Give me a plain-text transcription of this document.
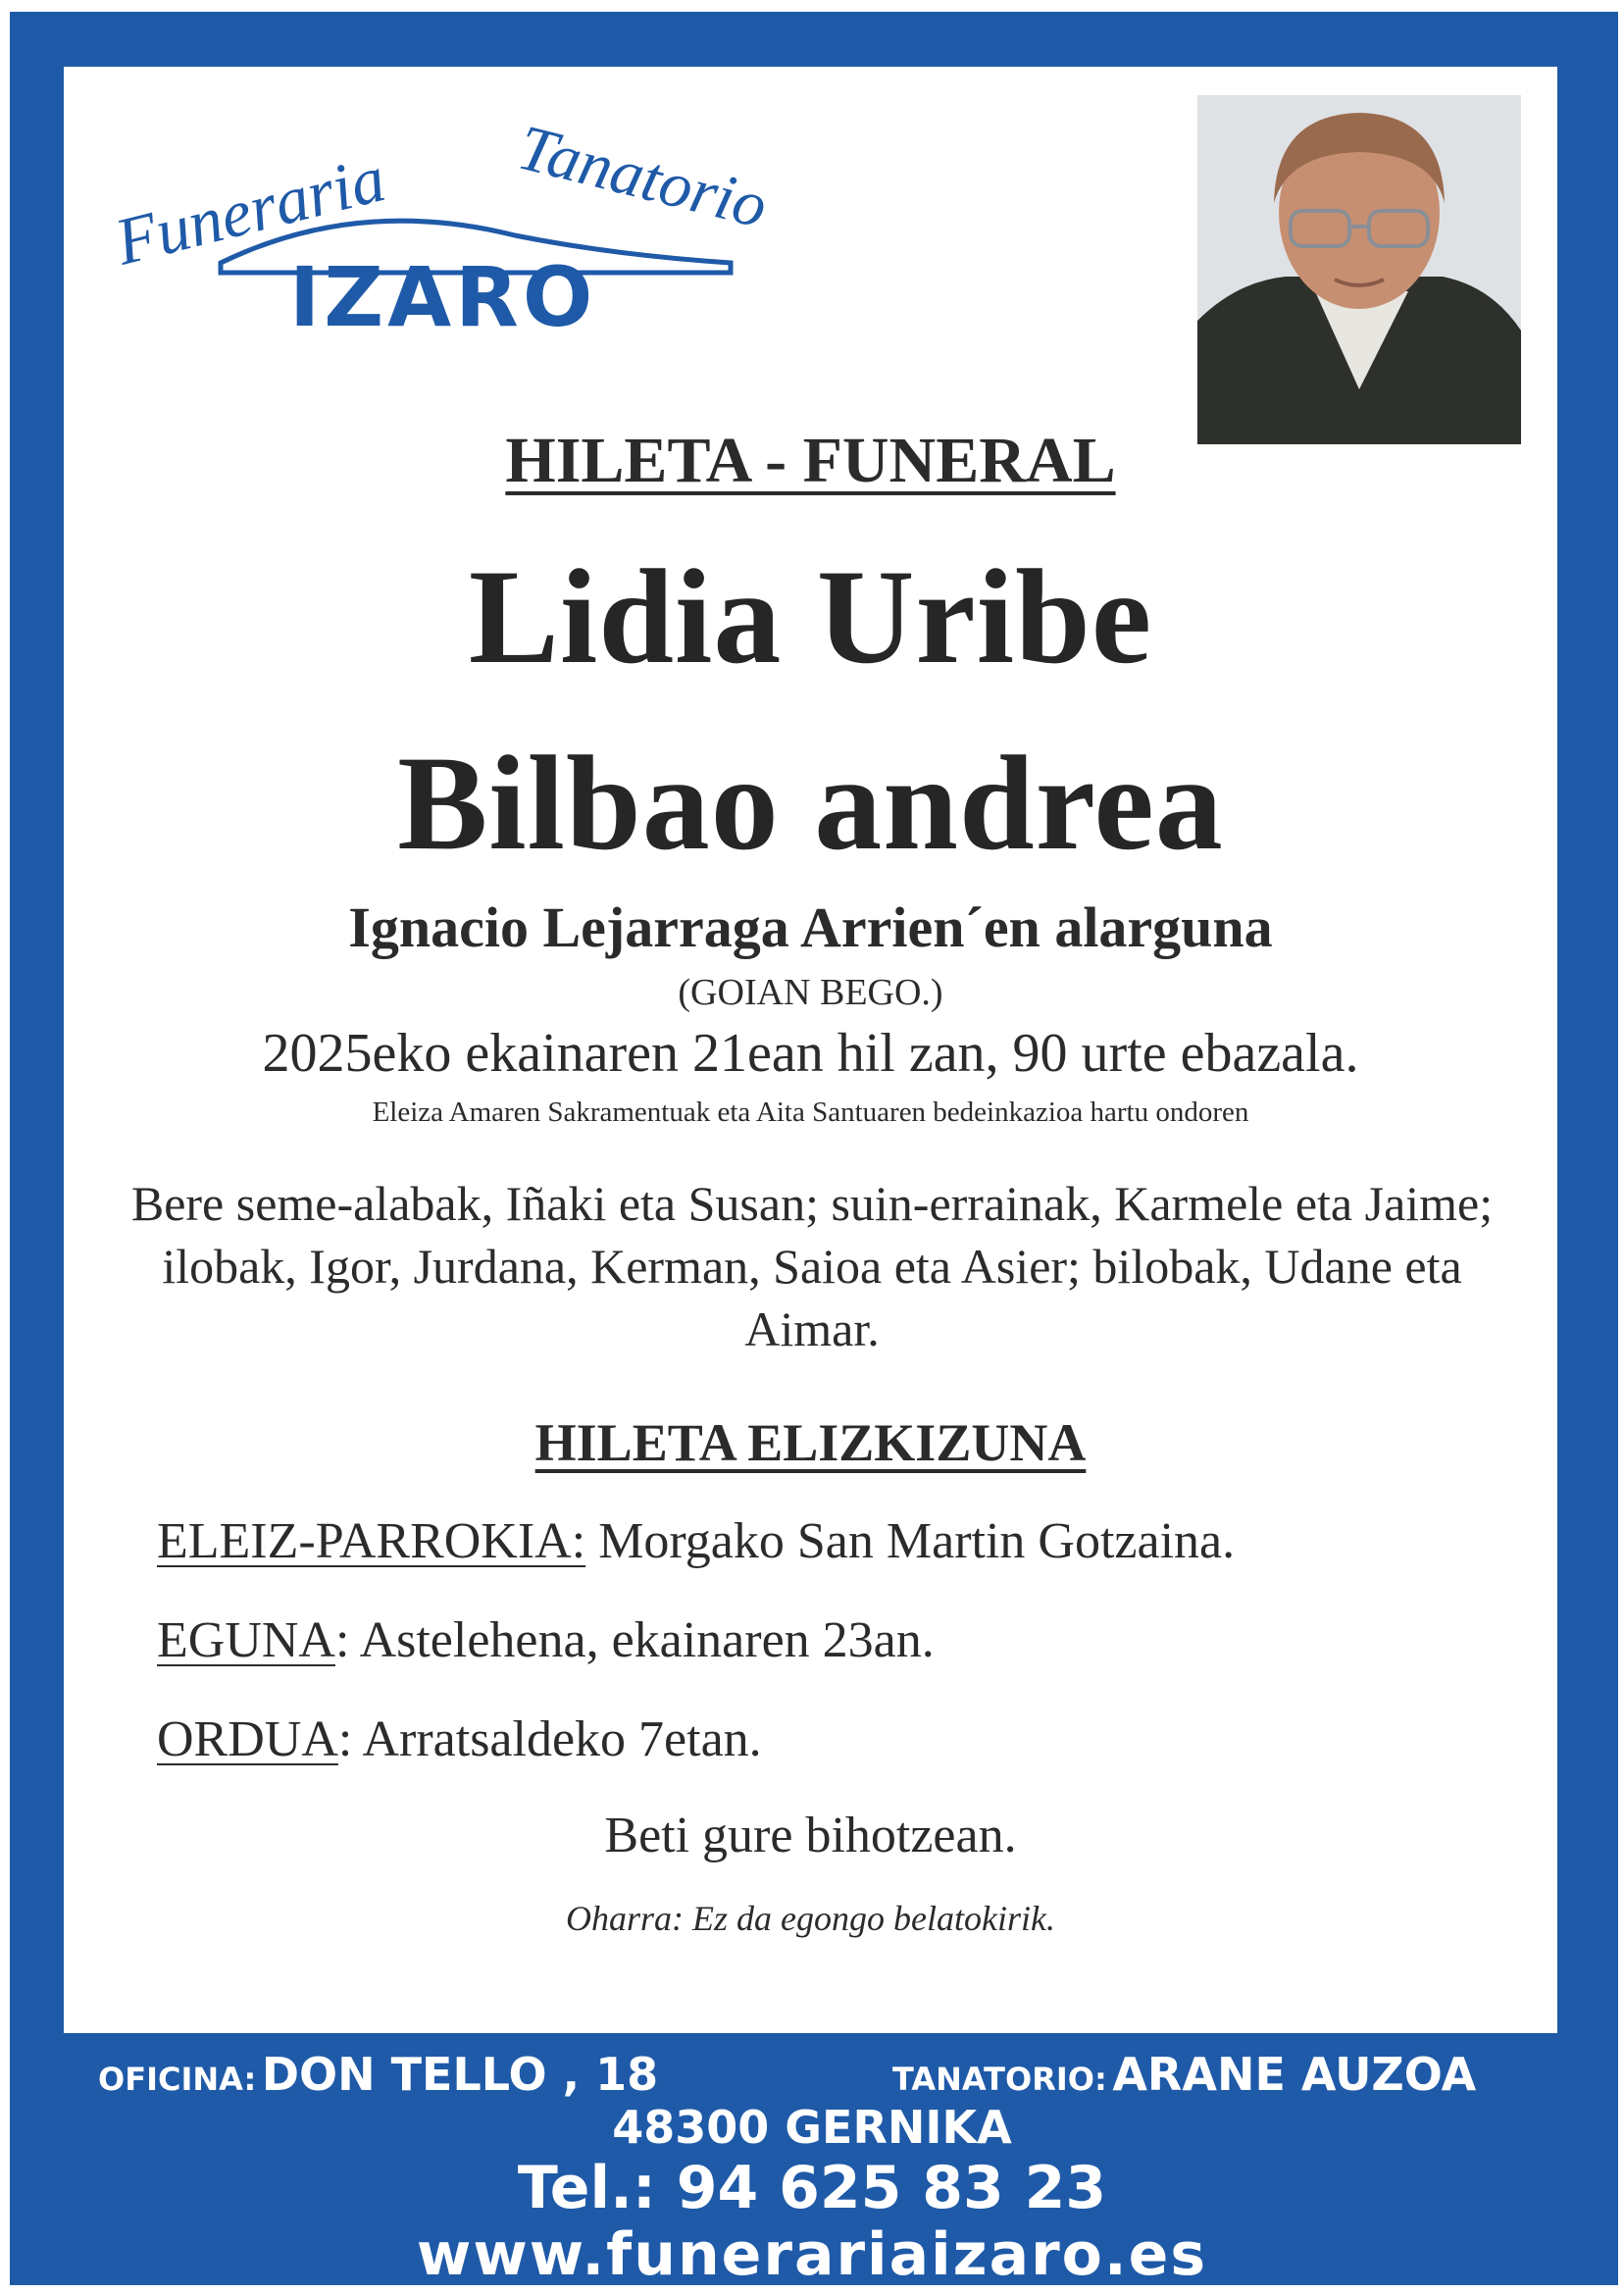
Funeraria Tanatorio
IZARO
HILETA - FUNERAL
Lidia Uribe
Bilbao andrea
Ignacio Lejarraga Arrien´en alarguna
(GOIAN BEGO.)
2025eko ekainaren 21ean hil zan, 90 urte ebazala.
Eleiza Amaren Sakramentuak eta Aita Santuaren bedeinkazioa hartu ondoren
Bere seme-alabak, Iñaki eta Susan; suin-errainak, Karmele eta Jaime; ilobak, Igor, Jurdana, Kerman, Saioa eta Asier; bilobak, Udane eta Aimar.
HILETA ELIZKIZUNA
ELEIZ-PARROKIA: Morgako San Martin Gotzaina.
EGUNA: Astelehena, ekainaren 23an.
ORDUA: Arratsaldeko 7etan.
Beti gure bihotzean.
Oharra: Ez da egongo belatokirik.
OFICINA: DON TELLO , 18	TANATORIO: ARANE AUZOA
48300 GERNIKA
Tel.: 94 625 83 23
www.funerariaizaro.es
